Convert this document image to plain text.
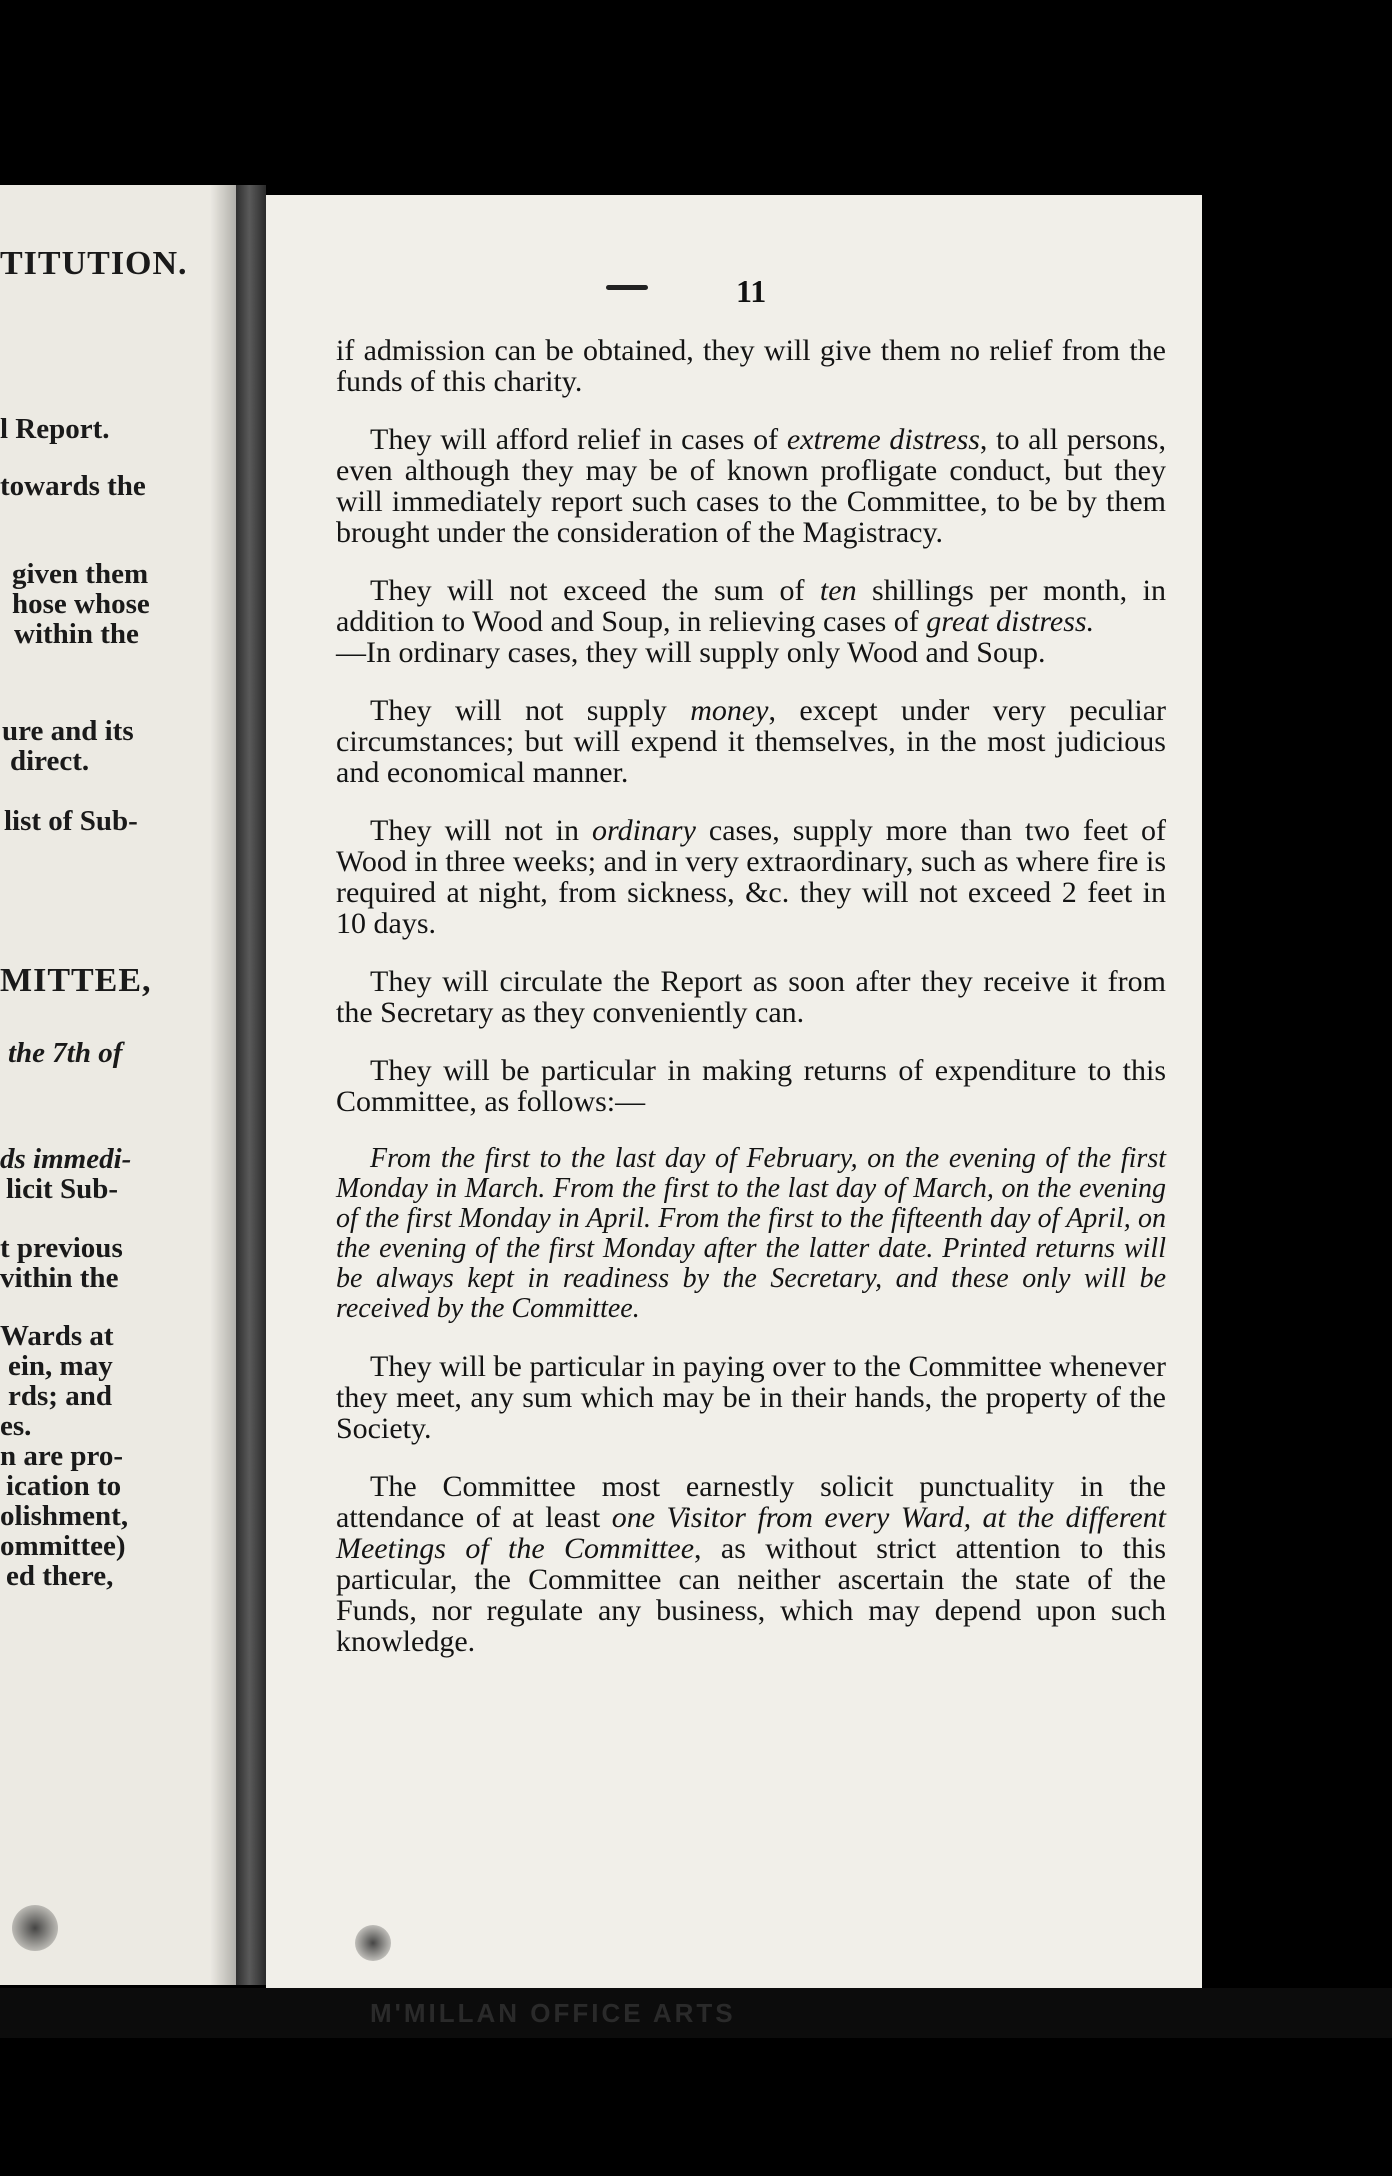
TITUTION.
l Report.
towards the
given them
hose whose
within the
ure and its
direct.
list of Sub-
MITTEE,
the 7th of
ds immedi-
licit Sub-
t previous
vithin the
Wards at
ein, may
rds; and
es.
n are pro-
ication to
olishment,
ommittee)
ed there,
11

if admission can be obtained, they will give them no relief from the funds of this charity.

They will afford relief in cases of extreme distress, to all persons, even although they may be of known profligate conduct, but they will immediately report such cases to the Committee, to be by them brought under the consideration of the Magistracy.

They will not exceed the sum of ten shillings per month, in addition to Wood and Soup, in relieving cases of great distress.
—In ordinary cases, they will supply only Wood and Soup.

They will not supply money, except under very peculiar circumstances; but will expend it themselves, in the most judicious and economical manner.

They will not in ordinary cases, supply more than two feet of Wood in three weeks; and in very extraordinary, such as where fire is required at night, from sickness, &c. they will not exceed 2 feet in 10 days.

They will circulate the Report as soon after they receive it from the Secretary as they conveniently can.

They will be particular in making returns of expenditure to this Committee, as follows:—

From the first to the last day of February, on the evening of the first Monday in March. From the first to the last day of March, on the evening of the first Monday in April. From the first to the fifteenth day of April, on the evening of the first Monday after the latter date. Printed returns will be always kept in readiness by the Secretary, and these only will be received by the Committee.

They will be particular in paying over to the Committee whenever they meet, any sum which may be in their hands, the property of the Society.

The Committee most earnestly solicit punctuality in the attendance of at least one Visitor from every Ward, at the different Meetings of the Committee, as without strict attention to this particular, the Committee can neither ascertain the state of the Funds, nor regulate any business, which may depend upon such knowledge.

M'MILLAN OFFICE ARTS
